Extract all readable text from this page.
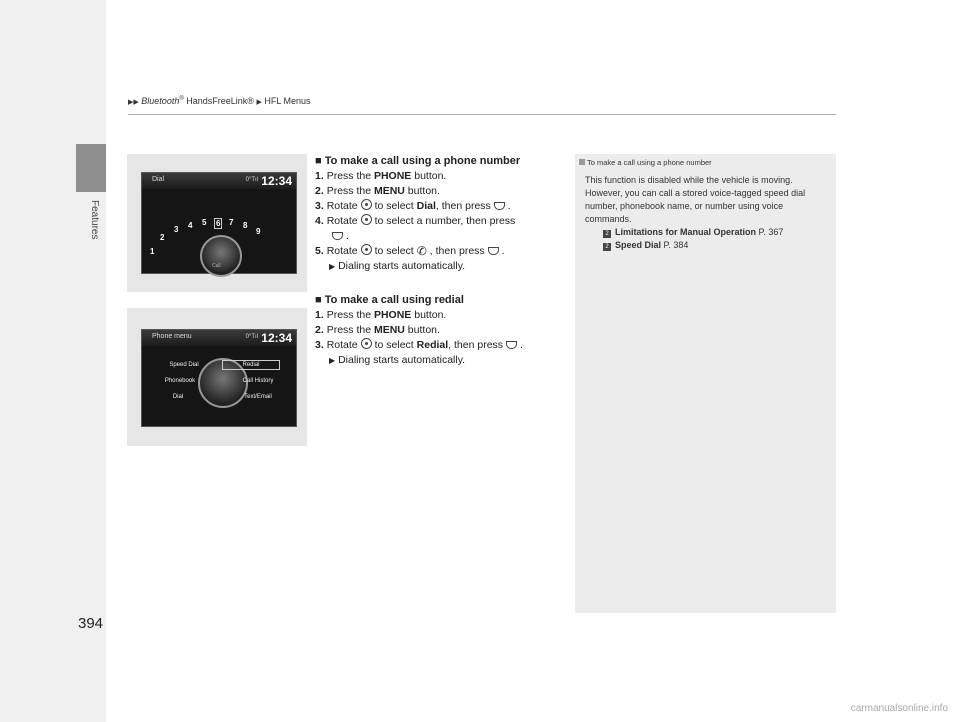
Features
▶▶ Bluetooth® HandsFreeLink® ▶ HFL Menus
Dial	0°Tıl 12:34
1
2
3 4 5 6 7 8
9
Call
Phone menu	0°Tıl 12:34
Speed Dial	Redial
Phonebook	Call History
Dial	Text/Email
■ To make a call using a phone number
1. Press the PHONE button.
2. Press the MENU button.
3. Rotate to select Dial, then press .
4. Rotate to select a number, then press
.
5. Rotate to select ✆ , then press .
▶ Dialing starts automatically.
■ To make a call using redial
1. Press the PHONE button.
2. Press the MENU button.
3. Rotate to select Redial, then press .
▶ Dialing starts automatically.
To make a call using a phone number
This function is disabled while the vehicle is moving. However, you can call a stored voice-tagged speed dial number, phonebook name, or number using voice commands.
2 Limitations for Manual Operation P. 367
2 Speed Dial P. 384
394
carmanualsonline.info
